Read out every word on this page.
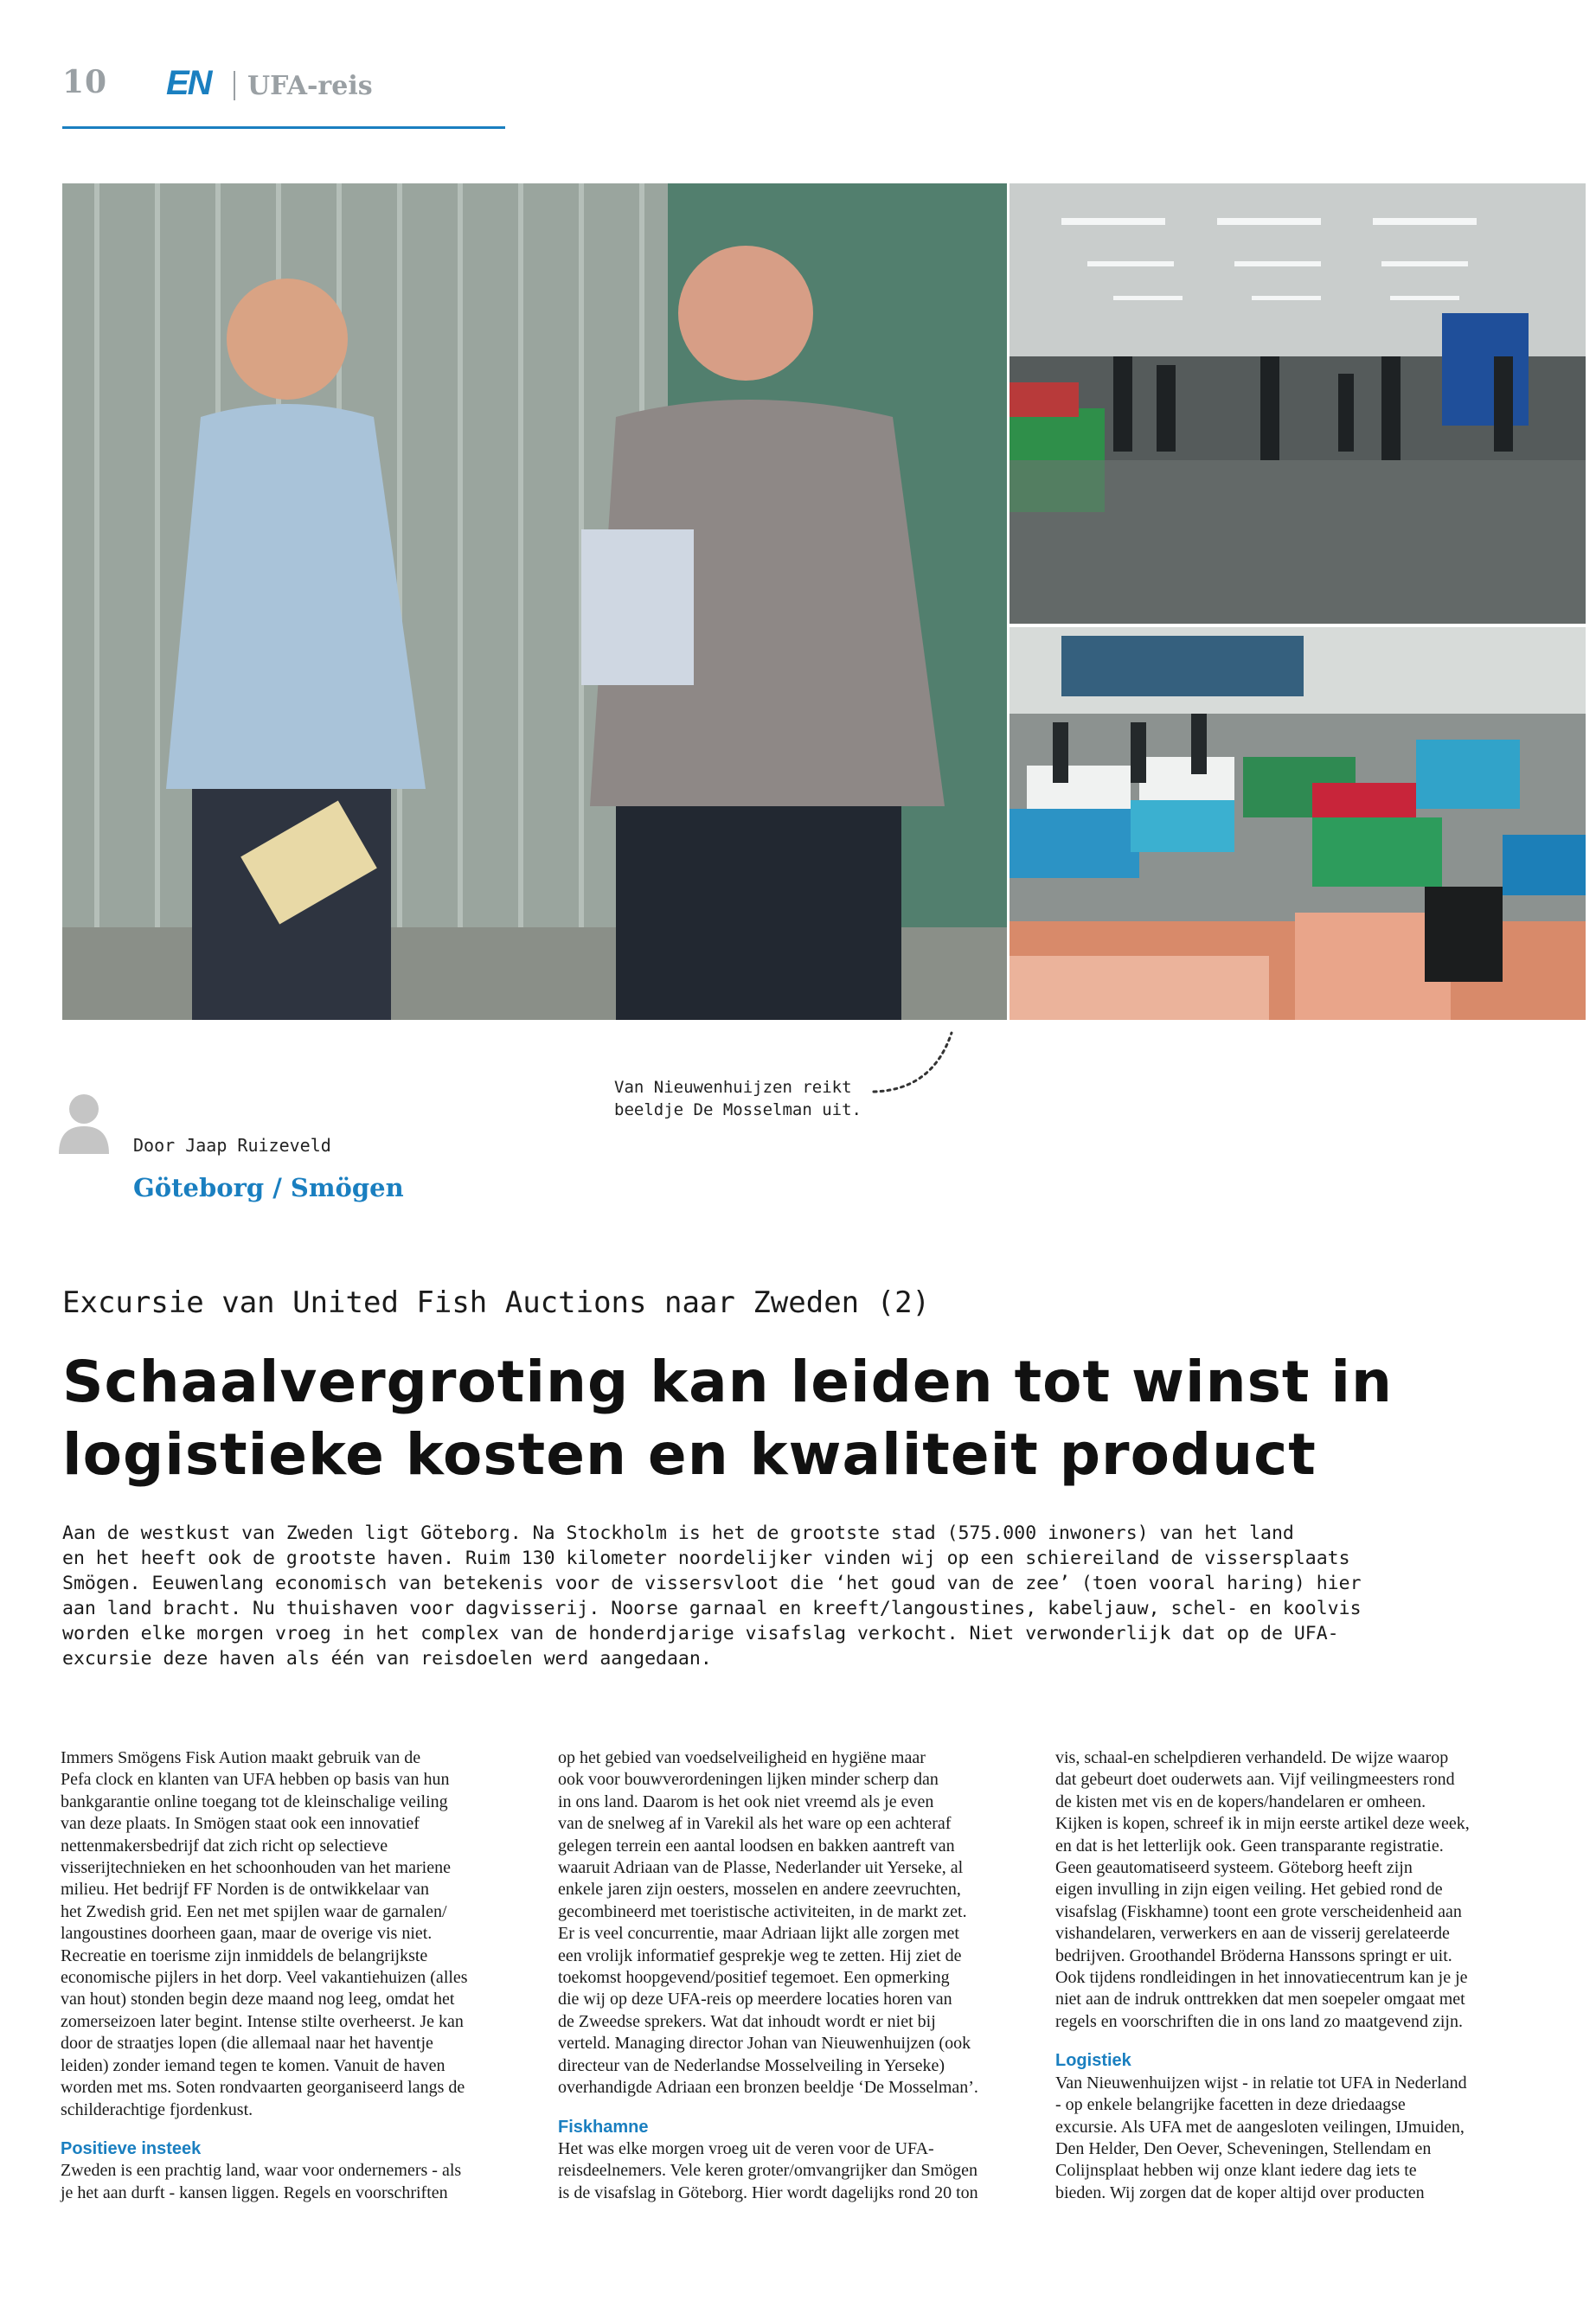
10 EN UFA-reis
Van Nieuwenhuijzen reikt
beeldje De Mosselman uit.
Door Jaap Ruizeveld
Göteborg / Smögen
Excursie van United Fish Auctions naar Zweden (2)
Schaalvergroting kan leiden tot winst in
logistieke kosten en kwaliteit product
Aan de westkust van Zweden ligt Göteborg. Na Stockholm is het de grootste stad (575.000 inwoners) van het land
en het heeft ook de grootste haven. Ruim 130 kilometer noordelijker vinden wij op een schiereiland de vissersplaats
Smögen. Eeuwenlang economisch van betekenis voor de vissersvloot die ‘het goud van de zee’ (toen vooral haring) hier
aan land bracht. Nu thuishaven voor dagvisserij. Noorse garnaal en kreeft/langoustines, kabeljauw, schel- en koolvis
worden elke morgen vroeg in het complex van de honderdjarige visafslag verkocht. Niet verwonderlijk dat op de UFA-
excursie deze haven als één van reisdoelen werd aangedaan.
Immers Smögens Fisk Aution maakt gebruik van de
Pefa clock en klanten van UFA hebben op basis van hun
bankgarantie online toegang tot de kleinschalige veiling
van deze plaats. In Smögen staat ook een innovatief
nettenmakersbedrijf dat zich richt op selectieve
visserijtechnieken en het schoonhouden van het mariene
milieu. Het bedrijf FF Norden is de ontwikkelaar van
het Zwedish grid. Een net met spijlen waar de garnalen/
langoustines doorheen gaan, maar de overige vis niet.
Recreatie en toerisme zijn inmiddels de belangrijkste
economische pijlers in het dorp. Veel vakantiehuizen (alles
van hout) stonden begin deze maand nog leeg, omdat het
zomerseizoen later begint. Intense stilte overheerst. Je kan
door de straatjes lopen (die allemaal naar het haventje
leiden) zonder iemand tegen te komen. Vanuit de haven
worden met ms. Soten rondvaarten georganiseerd langs de
schilderachtige fjordenkust.
Positieve insteek
Zweden is een prachtig land, waar voor ondernemers - als
je het aan durft - kansen liggen. Regels en voorschriften
op het gebied van voedselveiligheid en hygiëne maar
ook voor bouwverordeningen lijken minder scherp dan
in ons land. Daarom is het ook niet vreemd als je even
van de snelweg af in Varekil als het ware op een achteraf
gelegen terrein een aantal loodsen en bakken aantreft van
waaruit Adriaan van de Plasse, Nederlander uit Yerseke, al
enkele jaren zijn oesters, mosselen en andere zeevruchten,
gecombineerd met toeristische activiteiten, in de markt zet.
Er is veel concurrentie, maar Adriaan lijkt alle zorgen met
een vrolijk informatief gesprekje weg te zetten. Hij ziet de
toekomst hoopgevend/positief tegemoet. Een opmerking
die wij op deze UFA-reis op meerdere locaties horen van
de Zweedse sprekers. Wat dat inhoudt wordt er niet bij
verteld. Managing director Johan van Nieuwenhuijzen (ook
directeur van de Nederlandse Mosselveiling in Yerseke)
overhandigde Adriaan een bronzen beeldje ‘De Mosselman’.
Fiskhamne
Het was elke morgen vroeg uit de veren voor de UFA-
reisdeelnemers. Vele keren groter/omvangrijker dan Smögen
is de visafslag in Göteborg. Hier wordt dagelijks rond 20 ton
vis, schaal-en schelpdieren verhandeld. De wijze waarop
dat gebeurt doet ouderwets aan. Vijf veilingmeesters rond
de kisten met vis en de kopers/handelaren er omheen.
Kijken is kopen, schreef ik in mijn eerste artikel deze week,
en dat is het letterlijk ook. Geen transparante registratie.
Geen geautomatiseerd systeem. Göteborg heeft zijn
eigen invulling in zijn eigen veiling. Het gebied rond de
visafslag (Fiskhamne) toont een grote verscheidenheid aan
vishandelaren, verwerkers en aan de visserij gerelateerde
bedrijven. Groothandel Bröderna Hanssons springt er uit.
Ook tijdens rondleidingen in het innovatiecentrum kan je je
niet aan de indruk onttrekken dat men soepeler omgaat met
regels en voorschriften die in ons land zo maatgevend zijn.
Logistiek
Van Nieuwenhuijzen wijst - in relatie tot UFA in Nederland
- op enkele belangrijke facetten in deze driedaagse
excursie. Als UFA met de aangesloten veilingen, IJmuiden,
Den Helder, Den Oever, Scheveningen, Stellendam en
Colijnsplaat hebben wij onze klant iedere dag iets te
bieden. Wij zorgen dat de koper altijd over producten
